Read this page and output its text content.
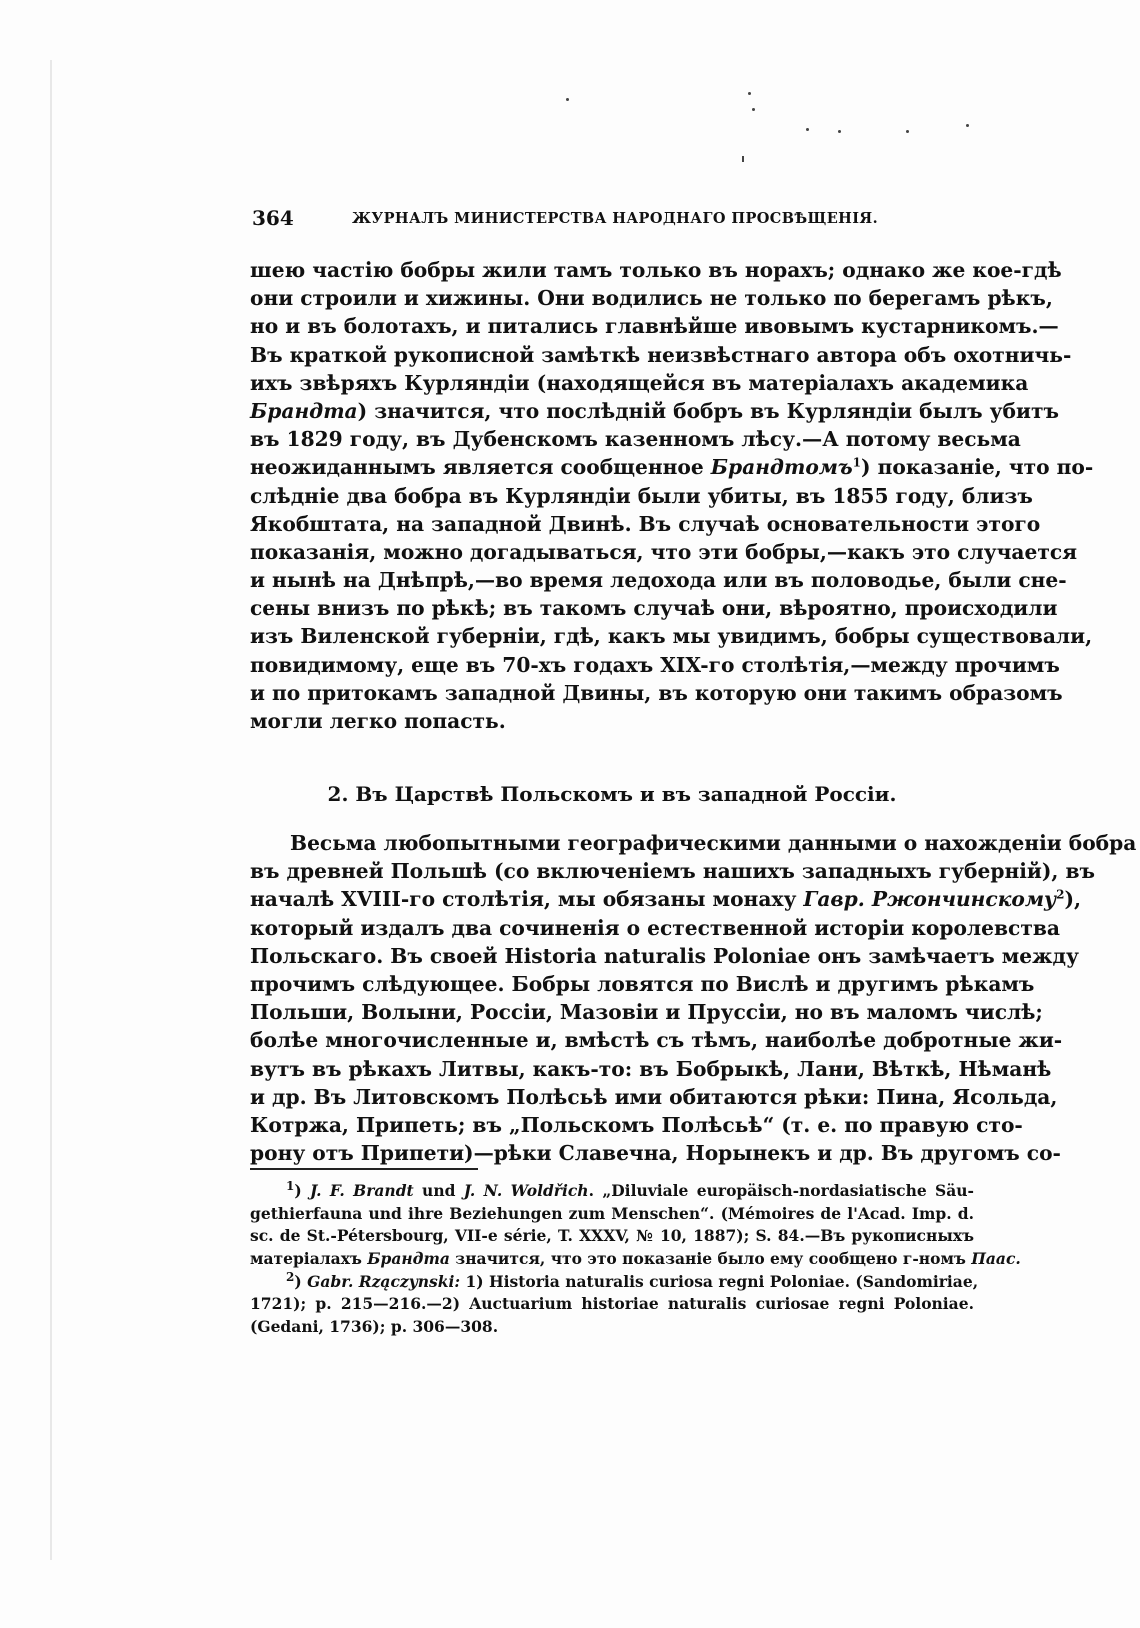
364	ЖУРНАЛЪ МИНИСТЕРСТВА НАРОДНАГО ПРОСВѢЩЕНІЯ.
шею частію бобры жили тамъ только въ норахъ; однако же кое-гдѣ
они строили и хижины. Они водились не только по берегамъ рѣкъ,
но и въ болотахъ, и питались главнѣйше ивовымъ кустарникомъ.—
Въ краткой рукописной замѣткѣ неизвѣстнаго автора объ охотничь-
ихъ звѣряхъ Курляндіи (находящейся въ матеріалахъ академика
Брандта) значится, что послѣдній бобръ въ Курляндіи былъ убитъ
въ 1829 году, въ Дубенскомъ казенномъ лѣсу.—А потому весьма
неожиданнымъ является сообщенное Брандтомъ$^1$) показаніе, что по-
слѣдніе два бобра въ Курляндіи были убиты, въ 1855 году, близъ
Якобштата, на западной Двинѣ. Въ случаѣ основательности этого
показанія, можно догадываться, что эти бобры,—какъ это случается
и нынѣ на Днѣпрѣ,—во время ледохода или въ половодье, были сне-
сены внизъ по рѣкѣ; въ такомъ случаѣ они, вѣроятно, происходили
изъ Виленской губерніи, гдѣ, какъ мы увидимъ, бобры существовали,
повидимому, еще въ 70-хъ годахъ XIX-го столѣтія,—между прочимъ
и по притокамъ западной Двины, въ которую они такимъ образомъ
могли легко попасть.
2. Въ Царствѣ Польскомъ и въ западной Россіи.
Весьма любопытными географическими данными о нахожденіи бобра
въ древней Польшѣ (со включеніемъ нашихъ западныхъ губерній), въ
началѣ XVIII-го столѣтія, мы обязаны монаху Гавр. Ржончинскому$^2$),
который издалъ два сочиненія о естественной исторіи королевства
Польскаго. Въ своей Historia naturalis Poloniae онъ замѣчаетъ между
прочимъ слѣдующее. Бобры ловятся по Вислѣ и другимъ рѣкамъ
Польши, Волыни, Россіи, Мазовіи и Пруссіи, но въ маломъ числѣ;
болѣе многочисленные и, вмѣстѣ съ тѣмъ, наиболѣе добротные жи-
вутъ въ рѣкахъ Литвы, какъ-то: въ Бобрыкѣ, Лани, Вѣткѣ, Нѣманѣ
и др. Въ Литовскомъ Полѣсьѣ ими обитаются рѣки: Пина, Ясольда,
Котржа, Припеть; въ „Польскомъ Полѣсьѣ“ (т. е. по правую сто-
рону отъ Припети)—рѣки Славечна, Норынекъ и др. Въ другомъ со-
$^1$) J. F. Brandt und J. N. Woldřich. „Diluviale europäisch-nordasiatische Säu-
gethierfauna und ihre Beziehungen zum Menschen“. (Mémoires de l'Acad. Imp. d.
sc. de St.-Pétersbourg, VII-e série, T. XXXV, № 10, 1887); S. 84.—Въ рукописныхъ
матеріалахъ Брандта значится, что это показаніе было ему сообщено г-номъ Паас.
$^2$) Gabr. Rzączynski: 1) Historia naturalis curiosa regni Poloniae. (Sandomiriae,
1721); p. 215—216.—2) Auctuarium historiae naturalis curiosae regni Poloniae.
(Gedani, 1736); p. 306—308.
